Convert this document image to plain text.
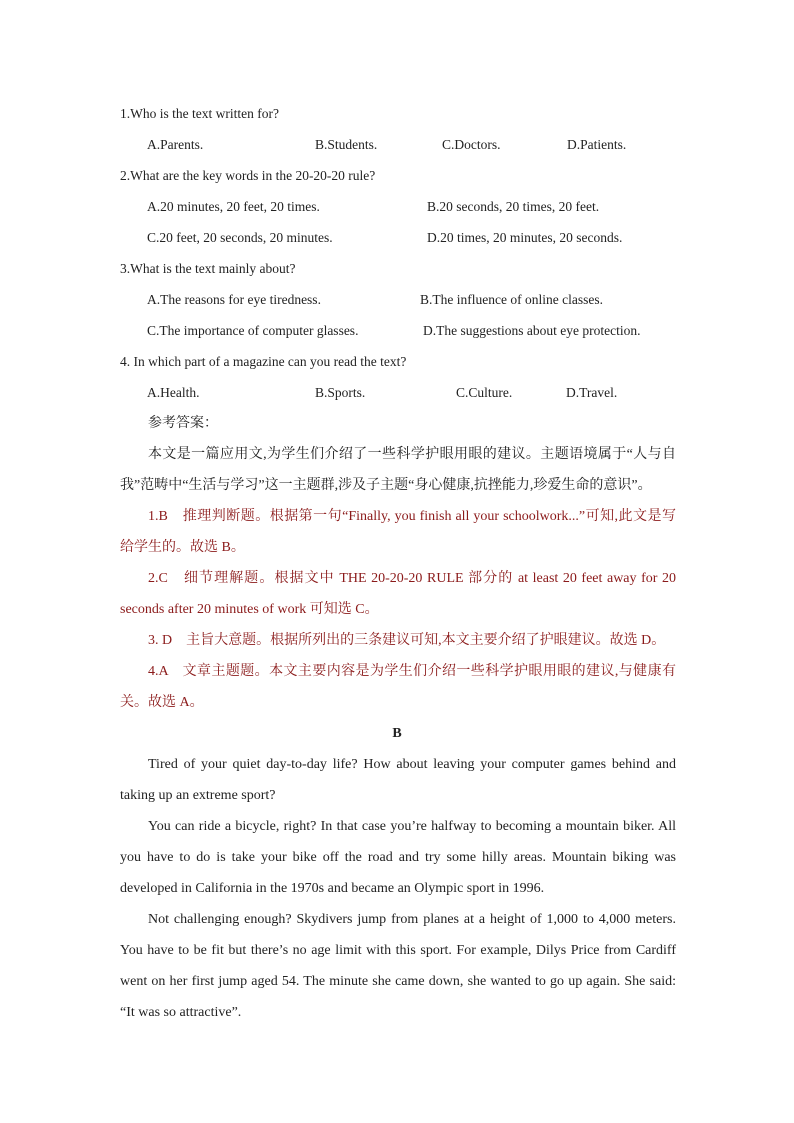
1.Who is the text written for?
A.Parents.	B.Students.	C.Doctors.	D.Patients.
2.What are the key words in the 20-20-20 rule?
A.20 minutes, 20 feet, 20 times.	B.20 seconds, 20 times, 20 feet.
C.20 feet, 20 seconds, 20 minutes.	D.20 times, 20 minutes, 20 seconds.
3.What is the text mainly about?
A.The reasons for eye tiredness.	B.The influence of online classes.
C.The importance of computer glasses.	D.The suggestions about eye protection.
4. In which part of a magazine can you read the text?
A.Health.	B.Sports.	C.Culture.	D.Travel.
参考答案：

本文是一篇应用文,为学生们介绍了一些科学护眼用眼的建议。主题语境属于“人与自我”范畴中“生活与学习”这一主题群,涉及子主题“身心健康,抗挫能力,珍爱生命的意识”。

1.B　推理判断题。根据第一句“Finally, you finish all your schoolwork...”可知,此文是写给学生的。故选 B。

2.C　细节理解题。根据文中 THE 20-20-20 RULE 部分的 at least 20 feet away for 20 seconds after 20 minutes of work 可知选 C。

3. D　主旨大意题。根据所列出的三条建议可知,本文主要介绍了护眼建议。故选 D。

4.A　文章主题题。本文主要内容是为学生们介绍一些科学护眼用眼的建议,与健康有关。故选 A。

B

Tired of your quiet day-to-day life? How about leaving your computer games behind and taking up an extreme sport?

You can ride a bicycle, right? In that case you’re halfway to becoming a mountain biker. All you have to do is take your bike off the road and try some hilly areas. Mountain biking was developed in California in the 1970s and became an Olympic sport in 1996.

Not challenging enough? Skydivers jump from planes at a height of 1,000 to 4,000 meters. You have to be fit but there’s no age limit with this sport. For example, Dilys Price from Cardiff went on her first jump aged 54. The minute she came down, she wanted to go up again. She said: “It was so attractive”.
